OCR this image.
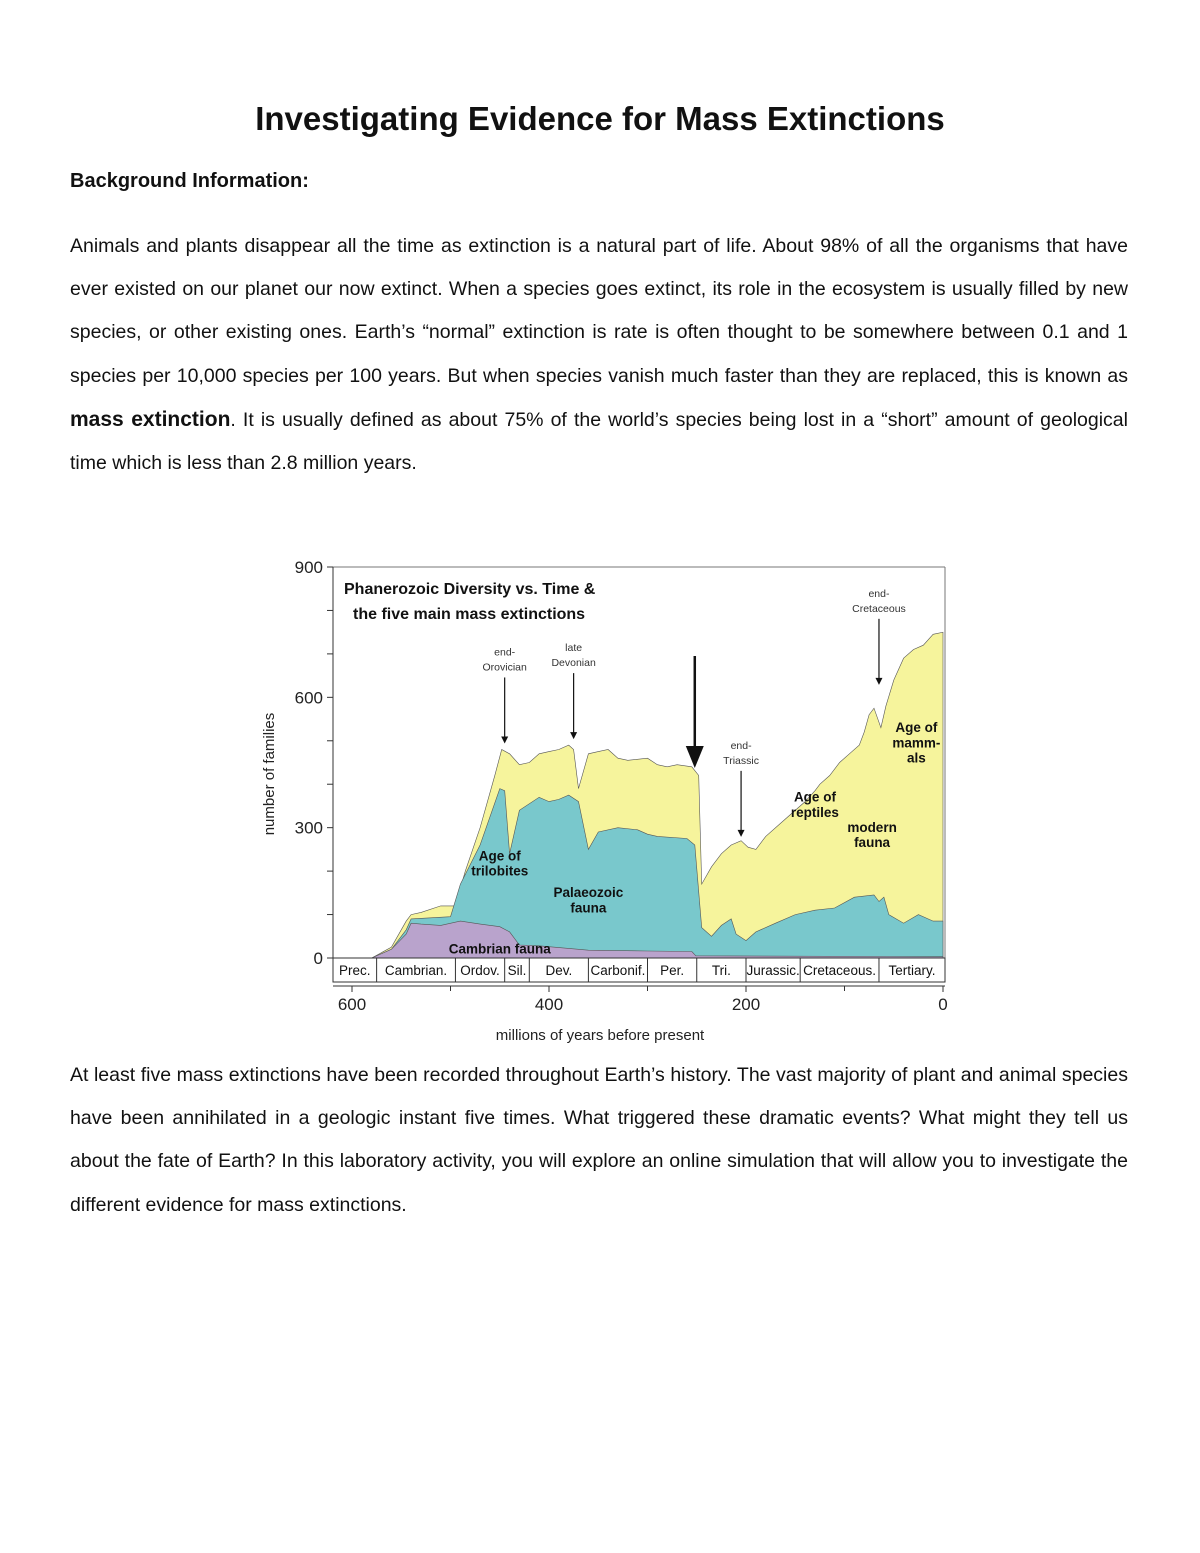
Investigating Evidence for Mass Extinctions
Background Information:

Animals and plants disappear all the time as extinction is a natural part of life. About 98% of all the organisms that have ever existed on our planet our now extinct. When a species goes extinct, its role in the ecosystem is usually filled by new species, or other existing ones. Earth’s “normal” extinction is rate is often thought to be somewhere between 0.1 and 1 species per 10,000 species per 100 years. But when species vanish much faster than they are replaced, this is known as mass extinction. It is usually defined as about 75% of the world’s species being lost in a “short” amount of geological time which is less than 2.8 million years.

0
300
600
900
600	400	200	0
Prec. Cambrian. Ordov. Sil. Dev. Carbonif. Per. Tri. Jurassic. Cretaceous. Tertiary.
end-
Orovician
late
Devonian
end-
Triassic
end-
Cretaceous
Cambrian fauna
Age of
trilobites
Palaeozoic
fauna
Age of
reptiles
modern
fauna
Age of
mamm-
als
Phanerozoic Diversity vs. Time &
the five main mass extinctions
millions of years before present
number of families

At least five mass extinctions have been recorded throughout Earth’s history. The vast majority of plant and animal species have been annihilated in a geologic instant five times. What triggered these dramatic events? What might they tell us about the fate of Earth? In this laboratory activity, you will explore an online simulation that will allow you to investigate the different evidence for mass extinctions.
